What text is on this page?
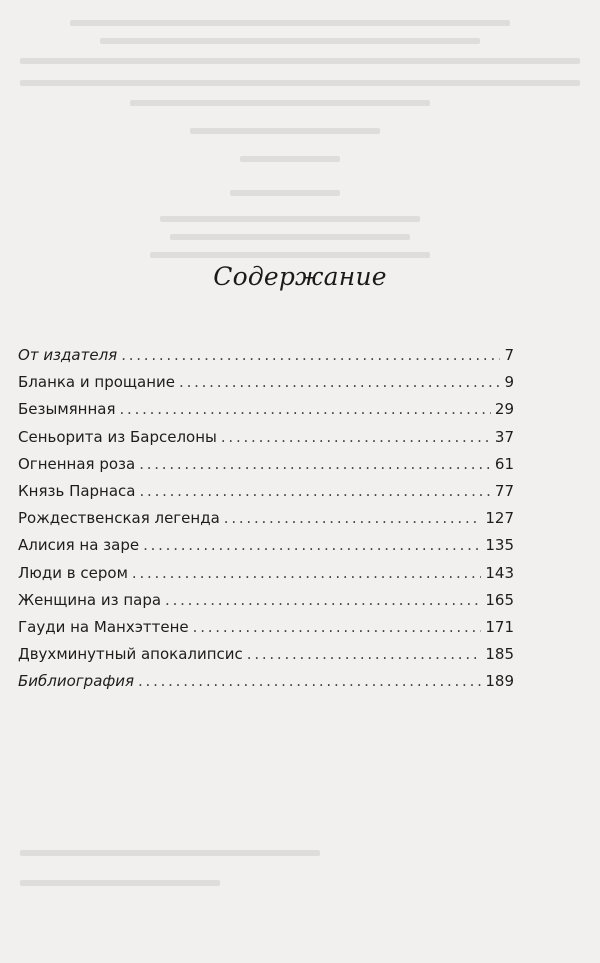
Содержание
От издателя . . .	7
Бланка и прощание . . .	9
Безымянная . . .	29
Сеньорита из Барселоны . . .	37
Огненная роза . . .	61
Князь Парнаса . . .	77
Рождественская легенда . . .	127
Алисия на заре . . .	135
Люди в сером . . .	143
Женщина из пара . . .	165
Гауди на Манхэттене . . .	171
Двухминутный апокалипсис . . .	185
Библиография . . .	189
